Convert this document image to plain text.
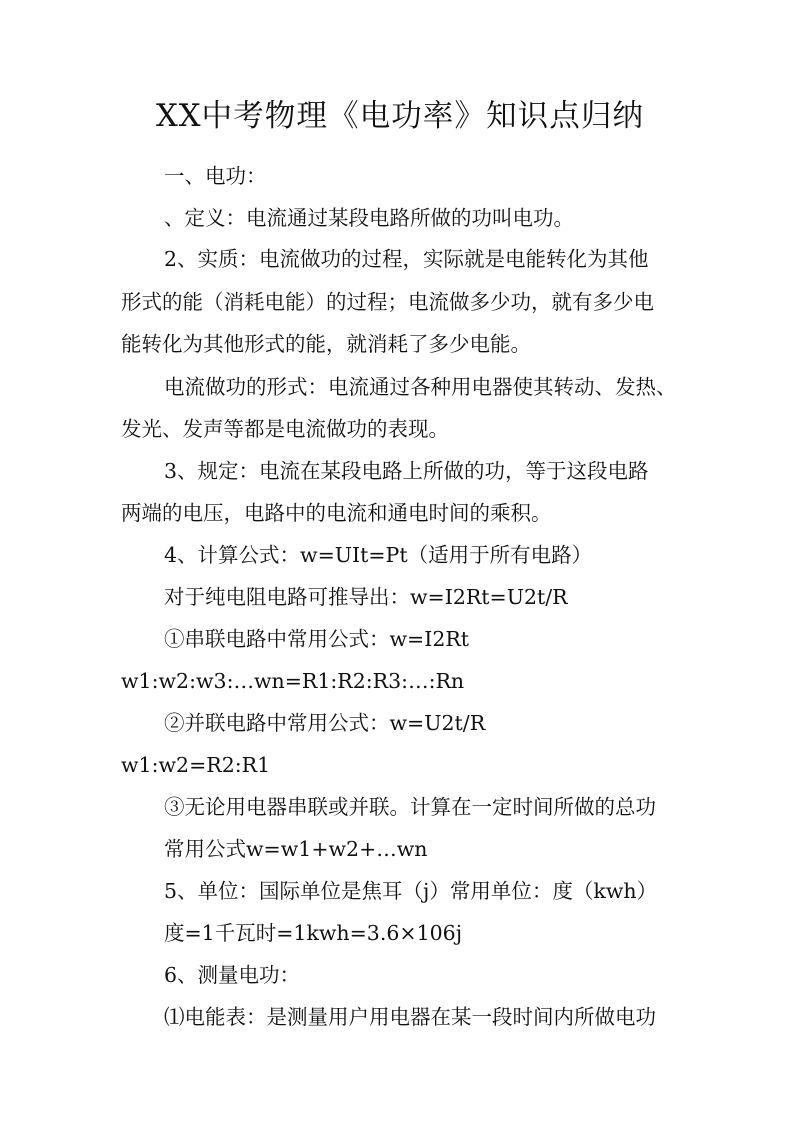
XX中考物理《电功率》知识点归纳
一、电功：
、定义：电流通过某段电路所做的功叫电功。
2、实质：电流做功的过程，实际就是电能转化为其他
形式的能（消耗电能）的过程；电流做多少功，就有多少电
能转化为其他形式的能，就消耗了多少电能。
电流做功的形式：电流通过各种用电器使其转动、发热、
发光、发声等都是电流做功的表现。
3、规定：电流在某段电路上所做的功，等于这段电路
两端的电压，电路中的电流和通电时间的乘积。
4、计算公式：w=UIt=Pt（适用于所有电路）
对于纯电阻电路可推导出：w=I2Rt=U2t/R
①串联电路中常用公式：w=I2Rt
w1:w2:w3:…wn=R1:R2:R3:…:Rn
②并联电路中常用公式：w=U2t/R
w1:w2=R2:R1
③无论用电器串联或并联。计算在一定时间所做的总功
常用公式w=w1+w2+…wn
5、单位：国际单位是焦耳（j）常用单位：度（kwh）
度=1千瓦时=1kwh=3.6×106j
6、测量电功：
⑴电能表：是测量用户用电器在某一段时间内所做电功
